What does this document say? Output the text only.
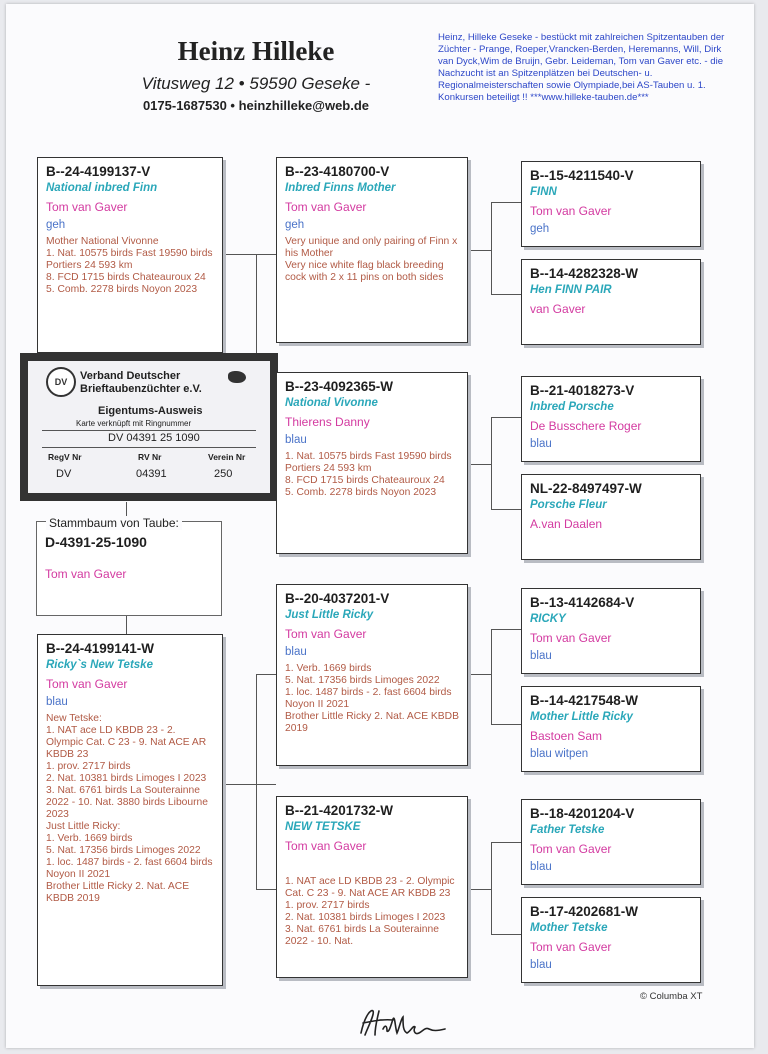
Heinz Hilleke
Vitusweg 12 • 59590 Geseke -
0175-1687530 • heinzhilleke@web.de
Heinz, Hilleke Geseke - bestückt mit zahlreichen Spitzentauben der Züchter - Prange, Roeper,Vrancken-Berden, Heremanns, Will, Dirk van Dyck,Wim de Bruijn, Gebr. Leideman, Tom van Gaver etc. - die Nachzucht ist an Spitzenplätzen bei Deutschen- u. Regionalmeisterschaften sowie Olympiade,bei AS-Tauben u. 1. Konkursen beteiligt !! ***www.hilleke-tauben.de***
B--24-4199137-V
National inbred Finn
Tom van Gaver
geh
Mother National Vivonne
1. Nat. 10575 birds Fast 19590 birds Portiers 24 593 km
8. FCD 1715 birds Chateauroux 24
5. Comb. 2278 birds Noyon 2023
DV	Verband Deutscher
Brieftaubenzüchter e.V.
Eigentums-Ausweis
Karte verknüpft mit Ringnummer
DV 04391 25 1090
RegV Nr	RV Nr	Verein Nr
DV	04391	250
D-4391-25-1090
Tom van Gaver
Stammbaum von Taube:
B--24-4199141-W
Ricky`s New Tetske
Tom van Gaver
blau
New Tetske:
1. NAT ace LD KBDB 23 - 2. Olympic Cat. C 23 - 9. Nat ACE AR KBDB 23
1. prov. 2717 birds
2. Nat. 10381 birds Limoges I 2023
3. Nat. 6761 birds La Souterainne 2022 - 10. Nat. 3880 birds Libourne 2023
Just Little Ricky:
1. Verb. 1669 birds
5. Nat. 17356 birds Limoges 2022
1. loc. 1487 birds - 2. fast 6604 birds Noyon II 2021
Brother Little Ricky 2. Nat. ACE KBDB 2019
B--23-4180700-V
Inbred Finns Mother
Tom van Gaver
geh
Very unique and only pairing of Finn x his Mother
Very nice white flag black breeding cock with 2 x 11 pins on both sides
B--23-4092365-W
National Vivonne
Thierens Danny
blau
1. Nat. 10575 birds Fast 19590 birds Portiers 24 593 km
8. FCD 1715 birds Chateauroux 24
5. Comb. 2278 birds Noyon 2023
B--20-4037201-V
Just Little Ricky
Tom van Gaver
blau
1. Verb. 1669 birds
5. Nat. 17356 birds Limoges 2022
1. loc. 1487 birds - 2. fast 6604 birds Noyon II 2021
Brother Little Ricky 2. Nat. ACE KBDB 2019
B--21-4201732-W
NEW TETSKE
Tom van Gaver
1. NAT ace LD KBDB 23 - 2. Olympic Cat. C 23 - 9. Nat ACE AR KBDB 23
1. prov. 2717 birds
2. Nat. 10381 birds Limoges I 2023
3. Nat. 6761 birds La Souterainne 2022 - 10. Nat.
B--15-4211540-V
FINN
Tom van Gaver
geh
B--14-4282328-W
Hen FINN PAIR
van Gaver
B--21-4018273-V
Inbred Porsche
De Busschere Roger
blau
NL-22-8497497-W
Porsche Fleur
A.van Daalen
B--13-4142684-V
RICKY
Tom van Gaver
blau
B--14-4217548-W
Mother Little Ricky
Bastoen Sam
blau witpen
B--18-4201204-V
Father Tetske
Tom van Gaver
blau
B--17-4202681-W
Mother Tetske
Tom van Gaver
blau
© Columba XT
